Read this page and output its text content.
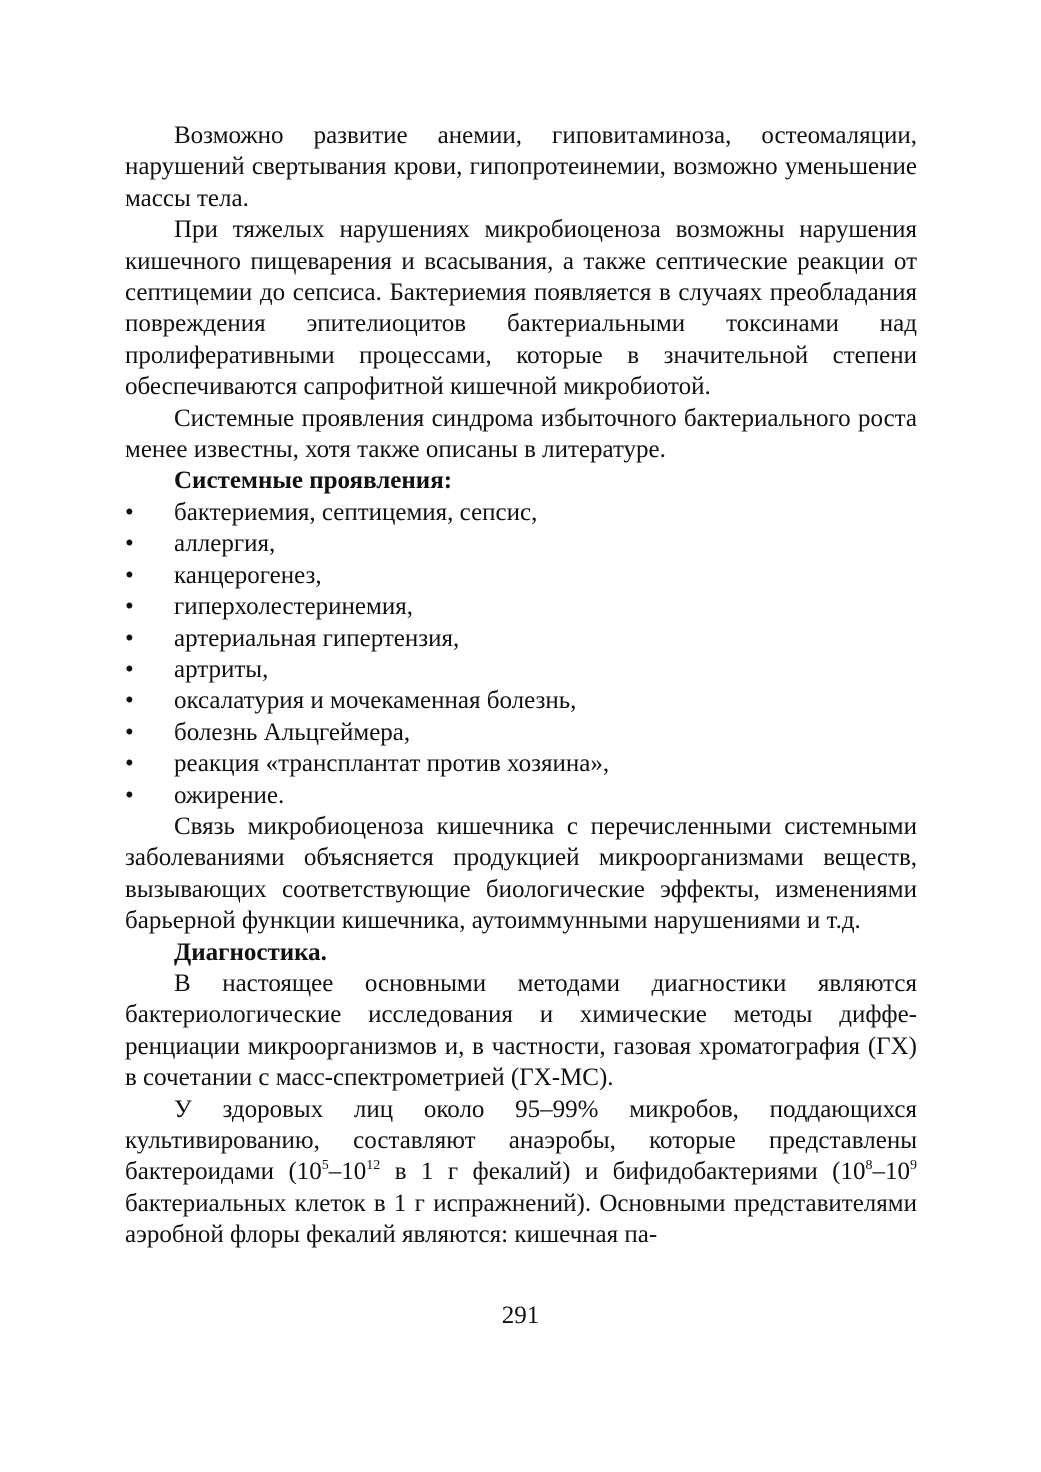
Возможно развитие анемии, гиповитаминоза, остеомаляции, нарушений свертывания крови, гипопротеинемии, возможно уменьшение массы тела.

При тяжелых нарушениях микробиоценоза возможны нарушения кишечного пищеварения и всасывания, а также септические реакции от септицемии до сепсиса. Бактериемия появляется в случаях преобладания повреждения эпителиоцитов бактериальными токсинами над пролиферативными процессами, которые в значительной степени обеспечиваются сапрофитной кишечной микробиотой.

Системные проявления синдрома избыточного бактериального роста менее известны, хотя также описаны в литературе.

Системные проявления:

•	бактериемия, септицемия, сепсис,
•	аллергия,
•	канцерогенез,
•	гиперхолестеринемия,
•	артериальная гипертензия,
•	артриты,
•	оксалатурия и мочекаменная болезнь,
•	болезнь Альцгеймера,
•	реакция «трансплантат против хозяина»,
•	ожирение.

Связь микробиоценоза кишечника с перечисленными системными заболеваниями объясняется продукцией микроорганизмами веществ, вызывающих соответствующие биологические эффекты, изменениями барьерной функции кишечника, аутоиммунными нарушениями и т.д.

Диагностика.

В настоящее основными методами диагностики являются бактериологические исследования и химические методы дифференциации микроорганизмов и, в частности, газовая хроматография (ГХ) в сочетании с масс-спектрометрией (ГХ-МС).

У здоровых лиц около 95–99% микробов, поддающихся культивированию, составляют анаэробы, которые представлены бактероидами ($10^5-10^{12}$ в 1 г фекалий) и бифидобактериями ($10^8-10^9$ бактериальных клеток в 1 г испражнений). Основными представителями аэробной флоры фекалий являются: кишечная па-

291
